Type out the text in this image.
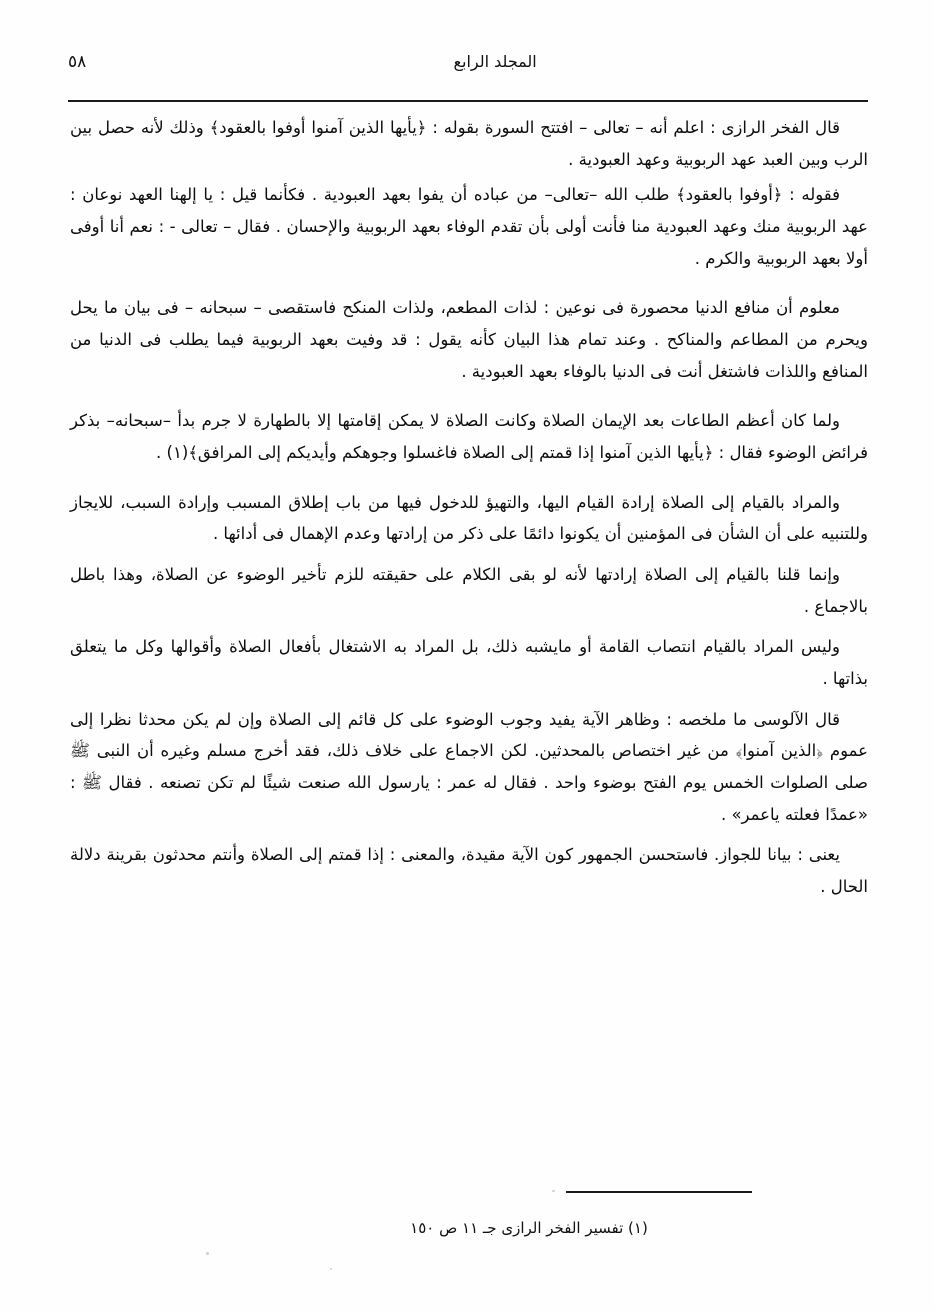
٥٨	المجلد الرابع

قال الفخر الرازى : اعلم أنه – تعالى – افتتح السورة بقوله : ﴿يأيها الذين آمنوا أوفوا بالعقود﴾ وذلك لأنه حصل بين الرب وبين العبد عهد الربوبية وعهد العبودية .

فقوله : ﴿أوفوا بالعقود﴾ طلب الله –تعالى– من عباده أن يفوا بعهد العبودية . فكأنما قيل : يا إلهنا العهد نوعان : عهد الربوبية منك وعهد العبودية منا فأنت أولى بأن تقدم الوفاء بعهد الربوبية والإحسان . فقال – تعالى - : نعم أنا أوفى أولا بعهد الربوبية والكرم .

معلوم أن منافع الدنيا محصورة فى نوعين : لذات المطعم، ولذات المنكح فاستقصى – سبحانه – فى بيان ما يحل ويحرم من المطاعم والمناكح . وعند تمام هذا البيان كأنه يقول : قد وفيت بعهد الربوبية فيما يطلب فى الدنيا من المنافع واللذات فاشتغل أنت فى الدنيا بالوفاء بعهد العبودية .

ولما كان أعظم الطاعات بعد الإيمان الصلاة وكانت الصلاة لا يمكن إقامتها إلا بالطهارة لا جرم بدأ –سبحانه– بذكر فرائض الوضوء فقال : ﴿يأيها الذين آمنوا إذا قمتم إلى الصلاة فاغسلوا وجوهكم وأيديكم إلى المرافق﴾(١) .

والمراد بالقيام إلى الصلاة إرادة القيام اليها، والتهيؤ للدخول فيها من باب إطلاق المسبب وإرادة السبب، للايجاز وللتنبيه على أن الشأن فى المؤمنين أن يكونوا دائمًا على ذكر من إرادتها وعدم الإهمال فى أدائها .

وإنما قلنا بالقيام إلى الصلاة إرادتها لأنه لو بقى الكلام على حقيقته للزم تأخير الوضوء عن الصلاة، وهذا باطل بالاجماع .

وليس المراد بالقيام انتصاب القامة أو مايشبه ذلك، بل المراد به الاشتغال بأفعال الصلاة وأقوالها وكل ما يتعلق بذاتها .

قال الآلوسى ما ملخصه : وظاهر الآية يفيد وجوب الوضوء على كل قائم إلى الصلاة وإن لم يكن محدثا نظرا إلى عموم ﴿الذين آمنوا﴾ من غير اختصاص بالمحدثين. لكن الاجماع على خلاف ذلك، فقد أخرج مسلم وغيره أن النبى ﷺ صلى الصلوات الخمس يوم الفتح بوضوء واحد . فقال له عمر : يارسول الله صنعت شيئًا لم تكن تصنعه . فقال ﷺ : «عمدًا فعلته ياعمر» .

يعنى : بيانا للجواز. فاستحسن الجمهور كون الآية مقيدة، والمعنى : إذا قمتم إلى الصلاة وأنتم محدثون بقرينة دلالة الحال .

(١) تفسير الفخر الرازى جـ ١١ ص ١٥٠
